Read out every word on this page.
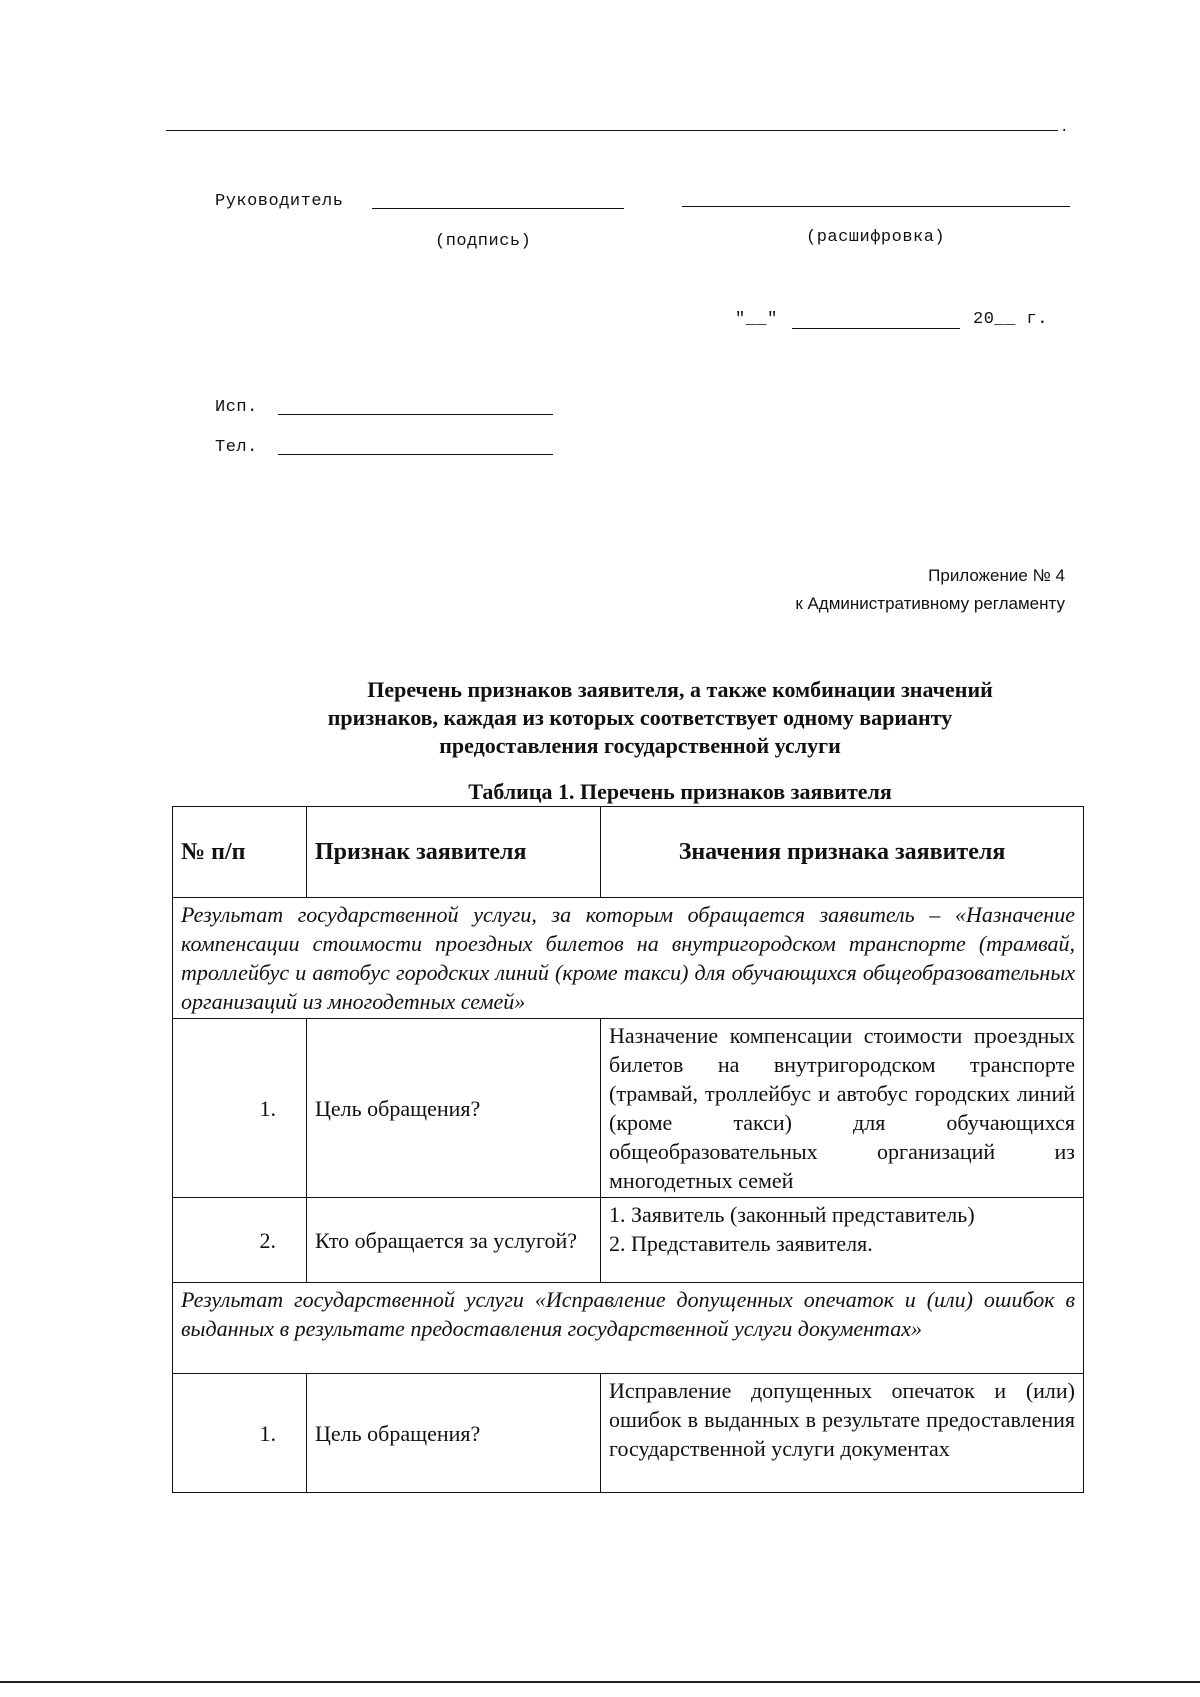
.
Руководитель
(подпись)	(расшифровка)
"__"	20__ г.
Исп.
Тел.
Приложение № 4
к Административному регламенту
Перечень признаков заявителя, а также комбинации значений
признаков, каждая из которых соответствует одному варианту
предоставления государственной услуги
Таблица 1. Перечень признаков заявителя
№ п/п	Признак заявителя	Значения признака заявителя
Результат государственной услуги, за которым обращается заявитель – «Назначение компенсации стоимости проездных билетов на внутригородском транспорте (трамвай, троллейбус и автобус городских линий (кроме такси) для обучающихся общеобразовательных организаций из многодетных семей»		
1.	Цель обращения?	Назначение компенсации стоимости проездных билетов на внутригородском транспорте (трамвай, троллейбус и автобус городских линий (кроме такси) для обучающихся общеобразовательных организаций из многодетных семей
2.	Кто обращается за услугой?	1. Заявитель (законный представитель)
2. Представитель заявителя.

Результат государственной услуги «Исправление допущенных опечаток и (или) ошибок в выданных в результате предоставления государственной услуги документах»		
1.	Цель обращения?	Исправление допущенных опечаток и (или) ошибок в выданных в результате предоставления государственной услуги документах
